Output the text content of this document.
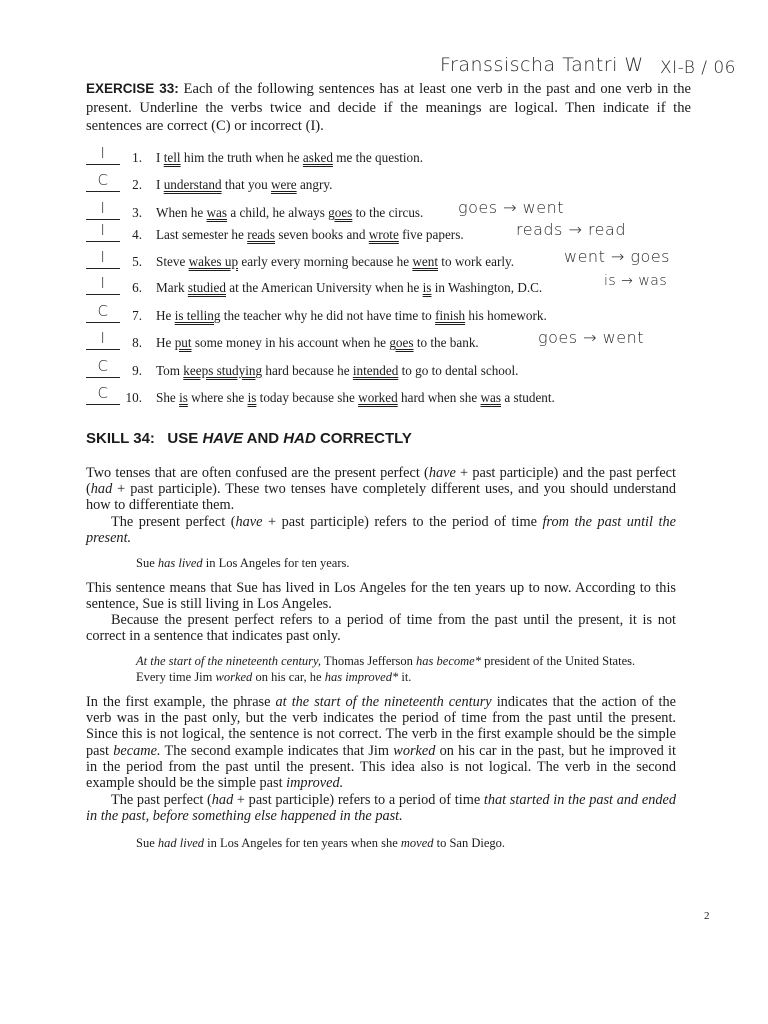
Franssischa Tantri W XI-B / 06
EXERCISE 33: Each of the following sentences has at least one verb in the past and one verb in the present. Underline the verbs twice and decide if the meanings are logical. Then indicate if the sentences are correct (C) or incorrect (I).
I	1. I tell him the truth when he asked me the question.
C	2. I understand that you were angry.
I	3. When he was a child, he always goes to the circus. goes → went
I	4. Last semester he reads seven books and wrote five papers.	reads → read
I	5. Steve wakes up early every morning because he went to work early.	went → goes
I	6. Mark studied at the American University when he is in Washington, D.C.	is → was
C	7. He is telling the teacher why he did not have time to finish his homework.
I	8. He put some money in his account when he goes to the bank.	goes → went
C	9. Tom keeps studying hard because he intended to go to dental school.
C	10. She is where she is today because she worked hard when she was a student.
SKILL 34: USE HAVE AND HAD CORRECTLY
Two tenses that are often confused are the present perfect (have + past participle) and the past perfect (had + past participle). These two tenses have completely different uses, and you should understand how to differentiate them.
The present perfect (have + past participle) refers to the period of time from the past until the present.
Sue has lived in Los Angeles for ten years.
This sentence means that Sue has lived in Los Angeles for the ten years up to now. According to this sentence, Sue is still living in Los Angeles.
Because the present perfect refers to a period of time from the past until the present, it is not correct in a sentence that indicates past only.
At the start of the nineteenth century, Thomas Jefferson has become* president of the United States.
Every time Jim worked on his car, he has improved* it.
In the first example, the phrase at the start of the nineteenth century indicates that the action of the verb was in the past only, but the verb indicates the period of time from the past until the present. Since this is not logical, the sentence is not correct. The verb in the first example should be the simple past became. The second example indicates that Jim worked on his car in the past, but he improved it in the period from the past until the present. This idea also is not logical. The verb in the second example should be the simple past improved.
The past perfect (had + past participle) refers to a period of time that started in the past and ended in the past, before something else happened in the past.
Sue had lived in Los Angeles for ten years when she moved to San Diego.
2
